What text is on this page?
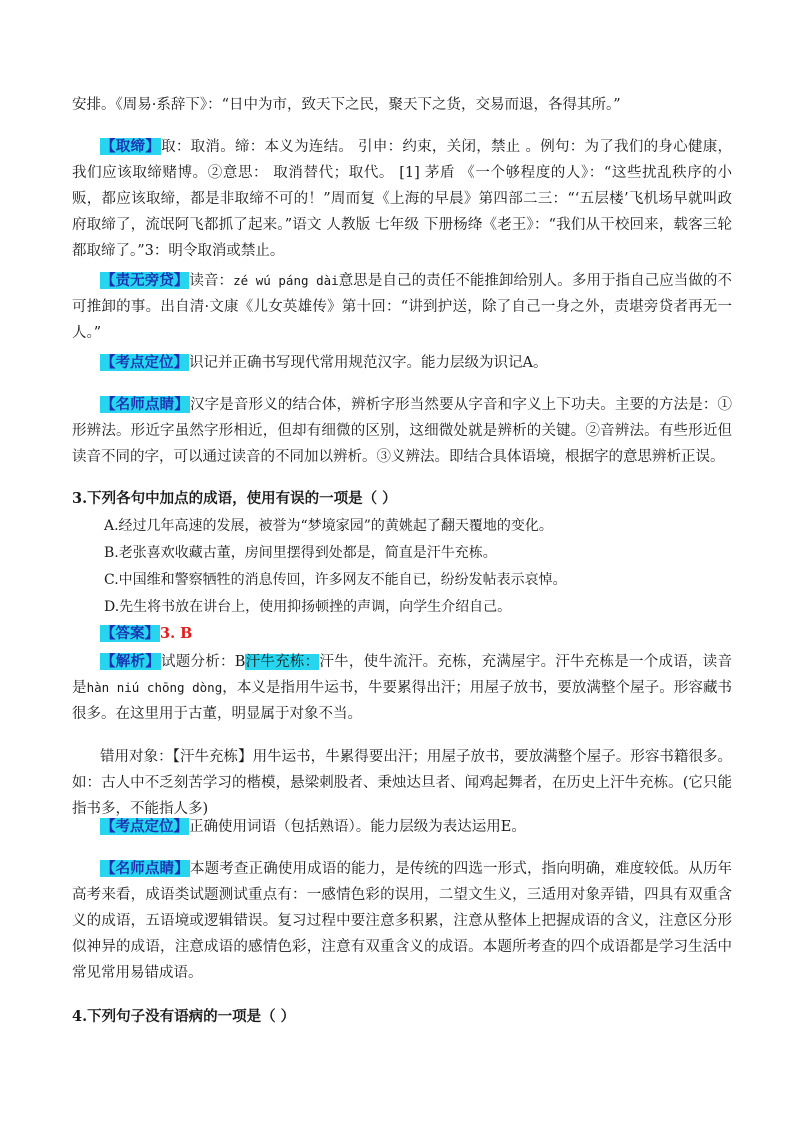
安排。《周易·系辞下》：“日中为市，致天下之民，聚天下之货，交易而退，各得其所。”

【取缔】取：取消。缔：本义为连结。 引申：约束，关闭，禁止 。例句：为了我们的身心健康，我们应该取缔赌博。②意思： 取消替代；取代。 [1] 茅盾 《一个够程度的人》：“这些扰乱秩序的小贩，都应该取缔，都是非取缔不可的！”周而复《上海的早晨》第四部二三：“‘五层楼’飞机场早就叫政府取缔了，流氓阿飞都抓了起来。”语文 人教版 七年级 下册杨绛《老王》：“我们从干校回来，载客三轮都取缔了。”3：明令取消或禁止。

【责无旁贷】读音：zé wú páng dài意思是自己的责任不能推卸给别人。多用于指自己应当做的不可推卸的事。出自清·文康《儿女英雄传》第十回：“讲到护送，除了自己一身之外，责堪旁贷者再无一人。”

【考点定位】识记并正确书写现代常用规范汉字。能力层级为识记A。

【名师点睛】汉字是音形义的结合体，辨析字形当然要从字音和字义上下功夫。主要的方法是：①形辨法。形近字虽然字形相近，但却有细微的区别，这细微处就是辨析的关键。②音辨法。有些形近但读音不同的字，可以通过读音的不同加以辨析。③义辨法。即结合具体语境，根据字的意思辨析正误。

3.下列各句中加点的成语，使用有误的一项是（ ）

A.经过几年高速的发展，被誉为“梦境家园”的黄姚起了翻天覆地的变化。

B.老张喜欢收藏古董，房间里摆得到处都是，简直是汗牛充栋。

C.中国维和警察牺牲的消息传回，许多网友不能自已，纷纷发帖表示哀悼。

D.先生将书放在讲台上，使用抑扬顿挫的声调，向学生介绍自己。

【答案】3. B

【解析】试题分析：B汗牛充栋：汗牛，使牛流汗。充栋，充满屋宇。汗牛充栋是一个成语，读音是hàn niú chōng dòng，本义是指用牛运书，牛要累得出汗；用屋子放书，要放满整个屋子。形容藏书很多。在这里用于古董，明显属于对象不当。

错用对象：【汗牛充栋】用牛运书，牛累得要出汗；用屋子放书，要放满整个屋子。形容书籍很多。如：古人中不乏刻苦学习的楷模，悬梁刺股者、秉烛达旦者、闻鸡起舞者，在历史上汗牛充栋。(它只能指书多，不能指人多)

【考点定位】正确使用词语（包括熟语）。能力层级为表达运用E。

【名师点睛】本题考查正确使用成语的能力，是传统的四选一形式，指向明确，难度较低。从历年高考来看，成语类试题测试重点有：一感情色彩的误用，二望文生义，三适用对象弄错，四具有双重含义的成语，五语境或逻辑错误。复习过程中要注意多积累，注意从整体上把握成语的含义，注意区分形似神异的成语，注意成语的感情色彩，注意有双重含义的成语。本题所考查的四个成语都是学习生活中常见常用易错成语。

4.下列句子没有语病的一项是（ ）
